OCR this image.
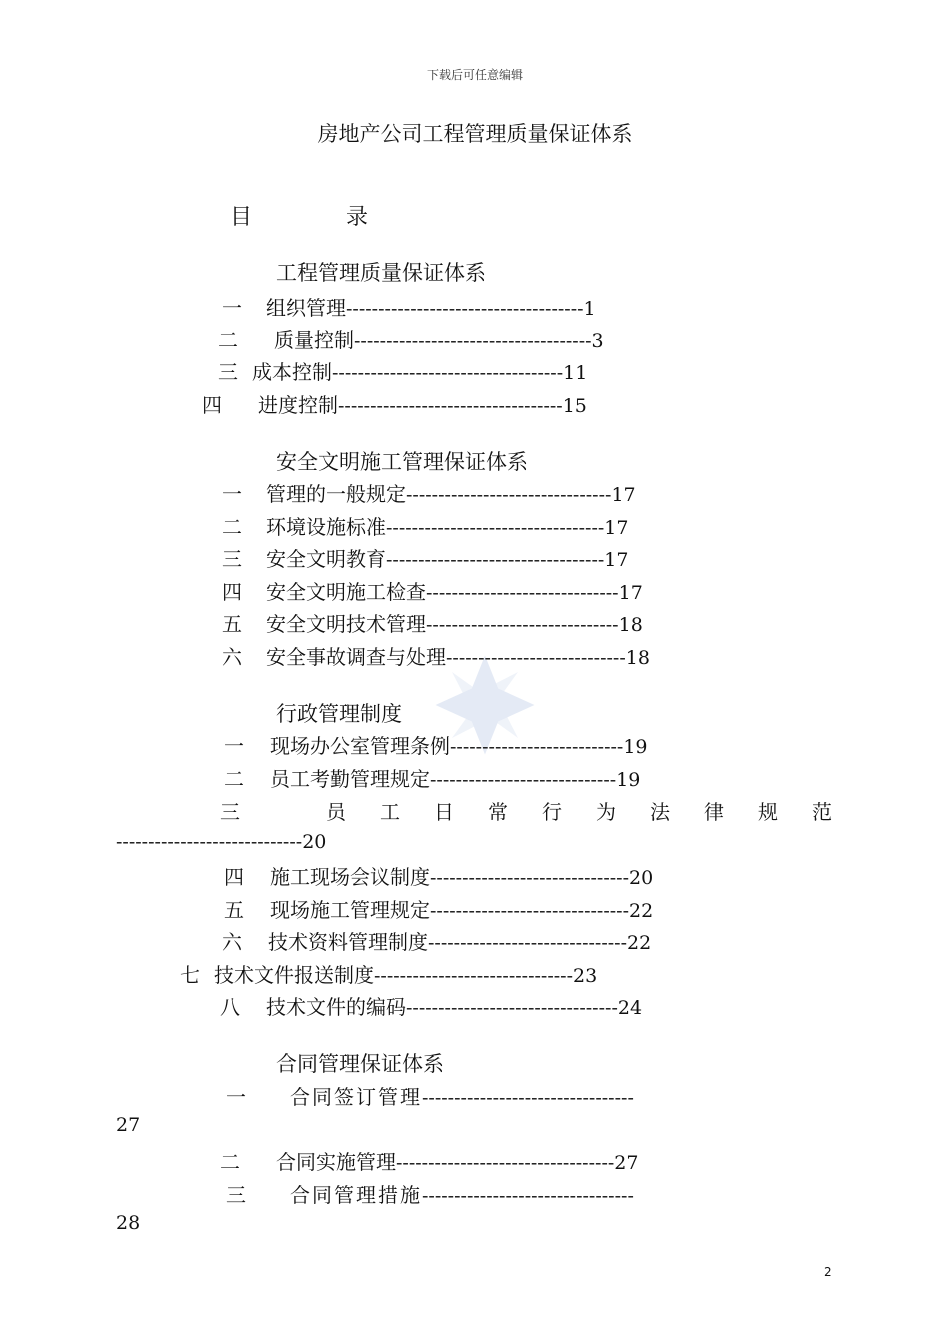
下载后可任意编辑
房地产公司工程管理质量保证体系
目	录
工程管理质量保证体系
一 组织管理-------------------------------------1
二 质量控制-------------------------------------3
三 成本控制------------------------------------11
四 进度控制-----------------------------------15
安全文明施工管理保证体系
一 管理的一般规定--------------------------------17
二 环境设施标准----------------------------------17
三 安全文明教育----------------------------------17
四 安全文明施工检查------------------------------17
五 安全文明技术管理------------------------------18
六 安全事故调查与处理----------------------------18
行政管理制度
一 现场办公室管理条例---------------------------19
二 员工考勤管理规定-----------------------------19
三	员工日常行为法律规范
-----------------------------20
四 施工现场会议制度-------------------------------20
五 现场施工管理规定-------------------------------22
六 技术资料管理制度-------------------------------22
七 技术文件报送制度-------------------------------23
八 技术文件的编码---------------------------------24
合同管理保证体系
一 合同签订管理---------------------------------
27
二 合同实施管理----------------------------------27
三 合同管理措施---------------------------------
28
2
